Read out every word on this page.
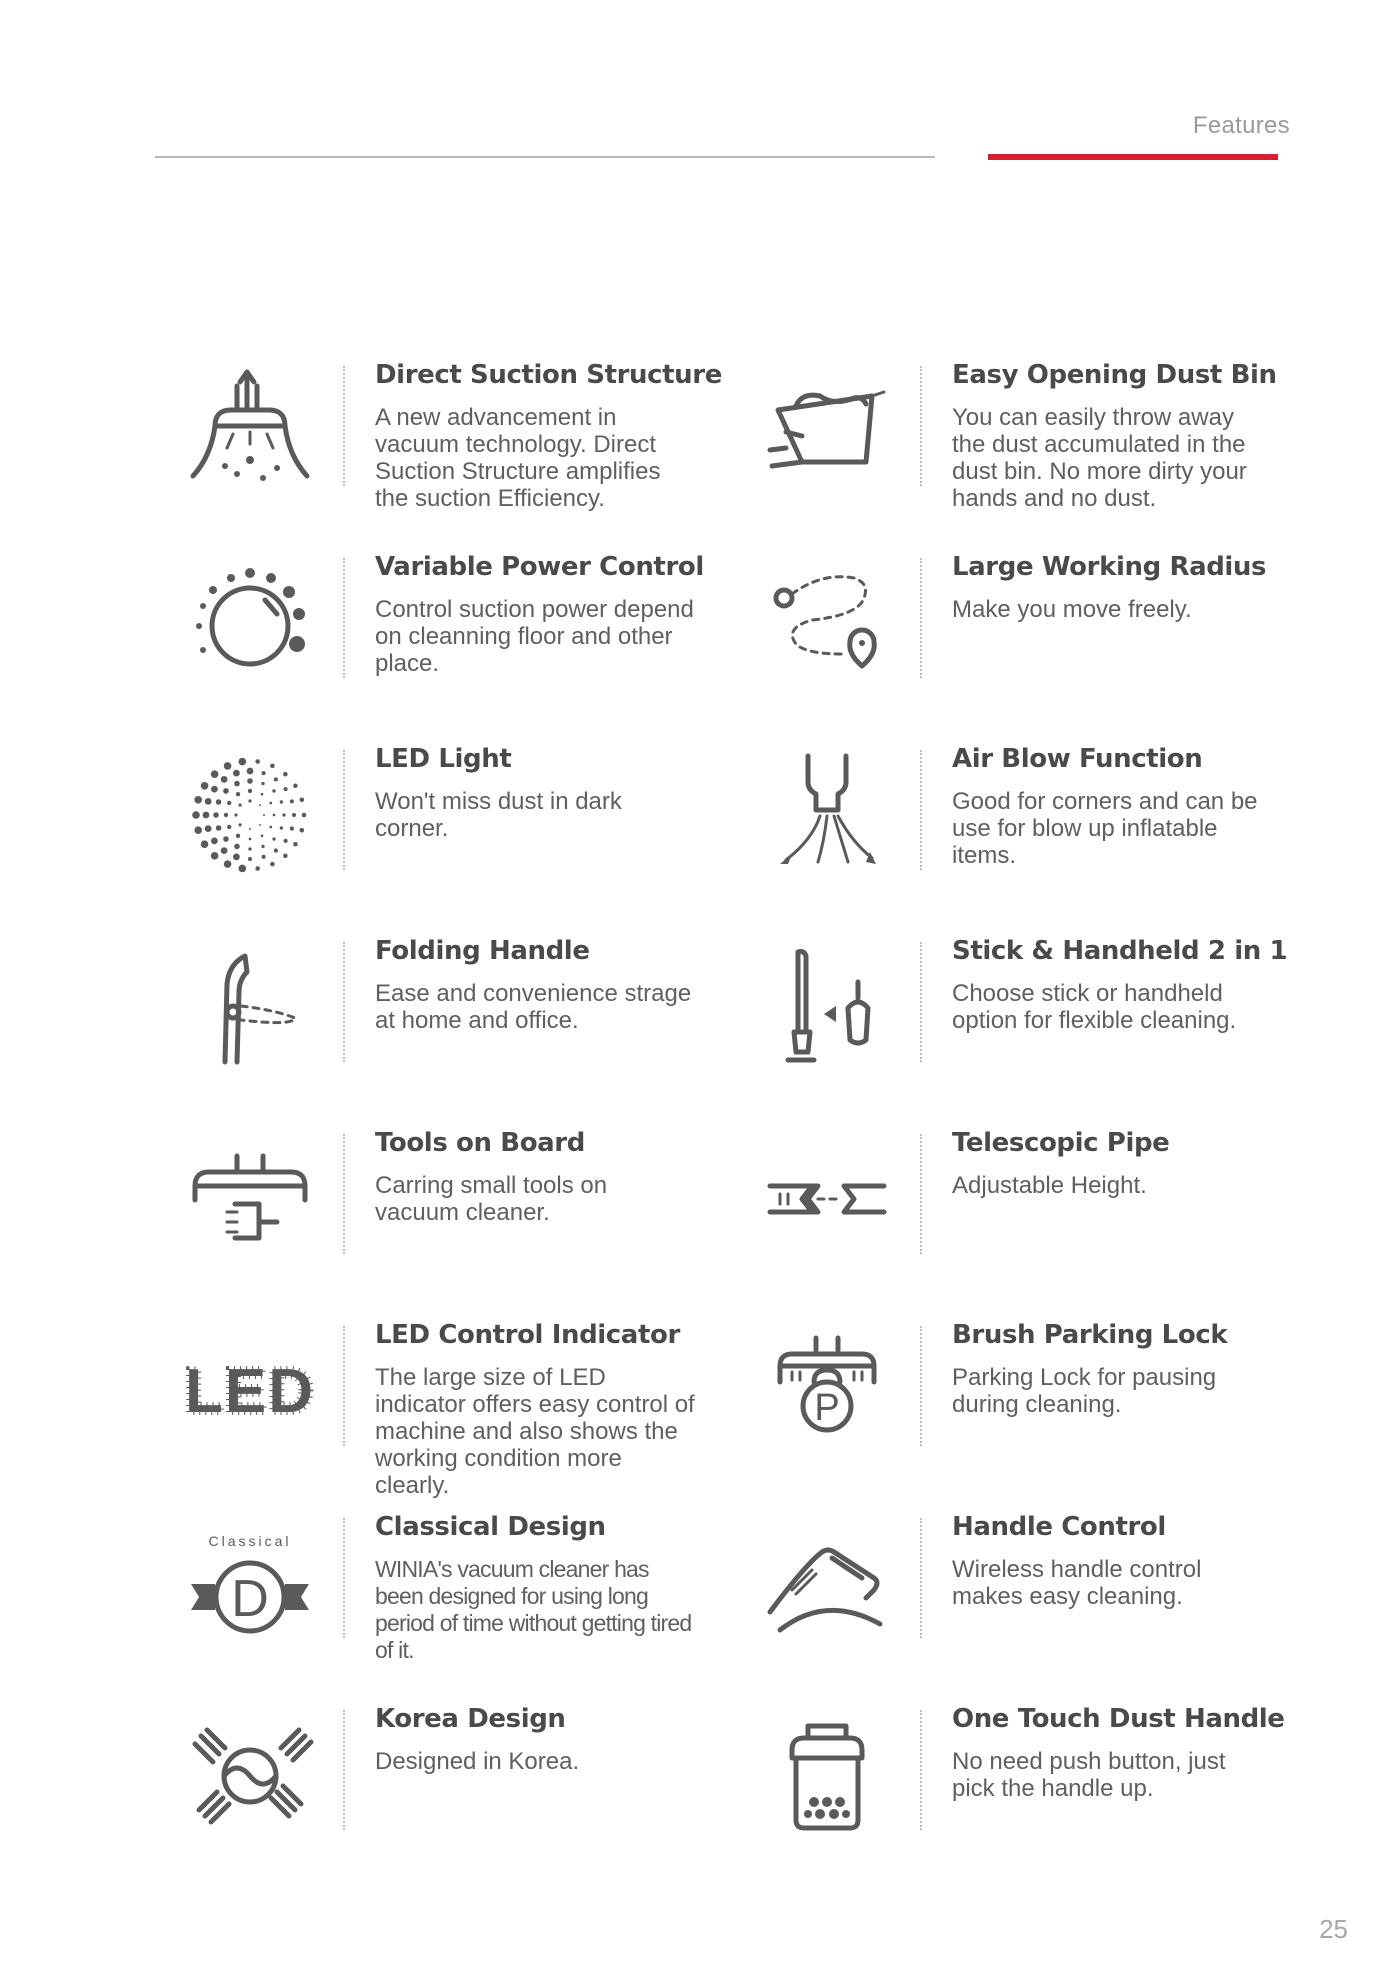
Features
Direct Suction Structure
A new advancement in vacuum technology. Direct Suction Structure amplifies the suction Efficiency.
Easy Opening Dust Bin
You can easily throw away the dust accumulated in the dust bin. No more dirty your hands and no dust.
Variable Power Control
Control suction power depend on cleanning floor and other place.
Large Working Radius
Make you move freely.
LED Light
Won't miss dust in dark corner.
Air Blow Function
Good for corners and can be use for blow up inflatable items.
Folding Handle
Ease and convenience strage at home and office.
Stick & Handheld 2 in 1
Choose stick or handheld option for flexible cleaning.
Tools on Board
Carring small tools on vacuum cleaner.
Telescopic Pipe
Adjustable Height.
LED
LED Control Indicator
The large size of LED indicator offers easy control of machine and also shows the working condition more clearly.
P
Brush Parking Lock
Parking Lock for pausing during cleaning.
Classical
D
Classical Design
WINIA's vacuum cleaner has been designed for using long period of time without getting tired of it.
Handle Control
Wireless handle control makes easy cleaning.
Korea Design
Designed in Korea.
One Touch Dust Handle
No need push button, just pick the handle up.
25
